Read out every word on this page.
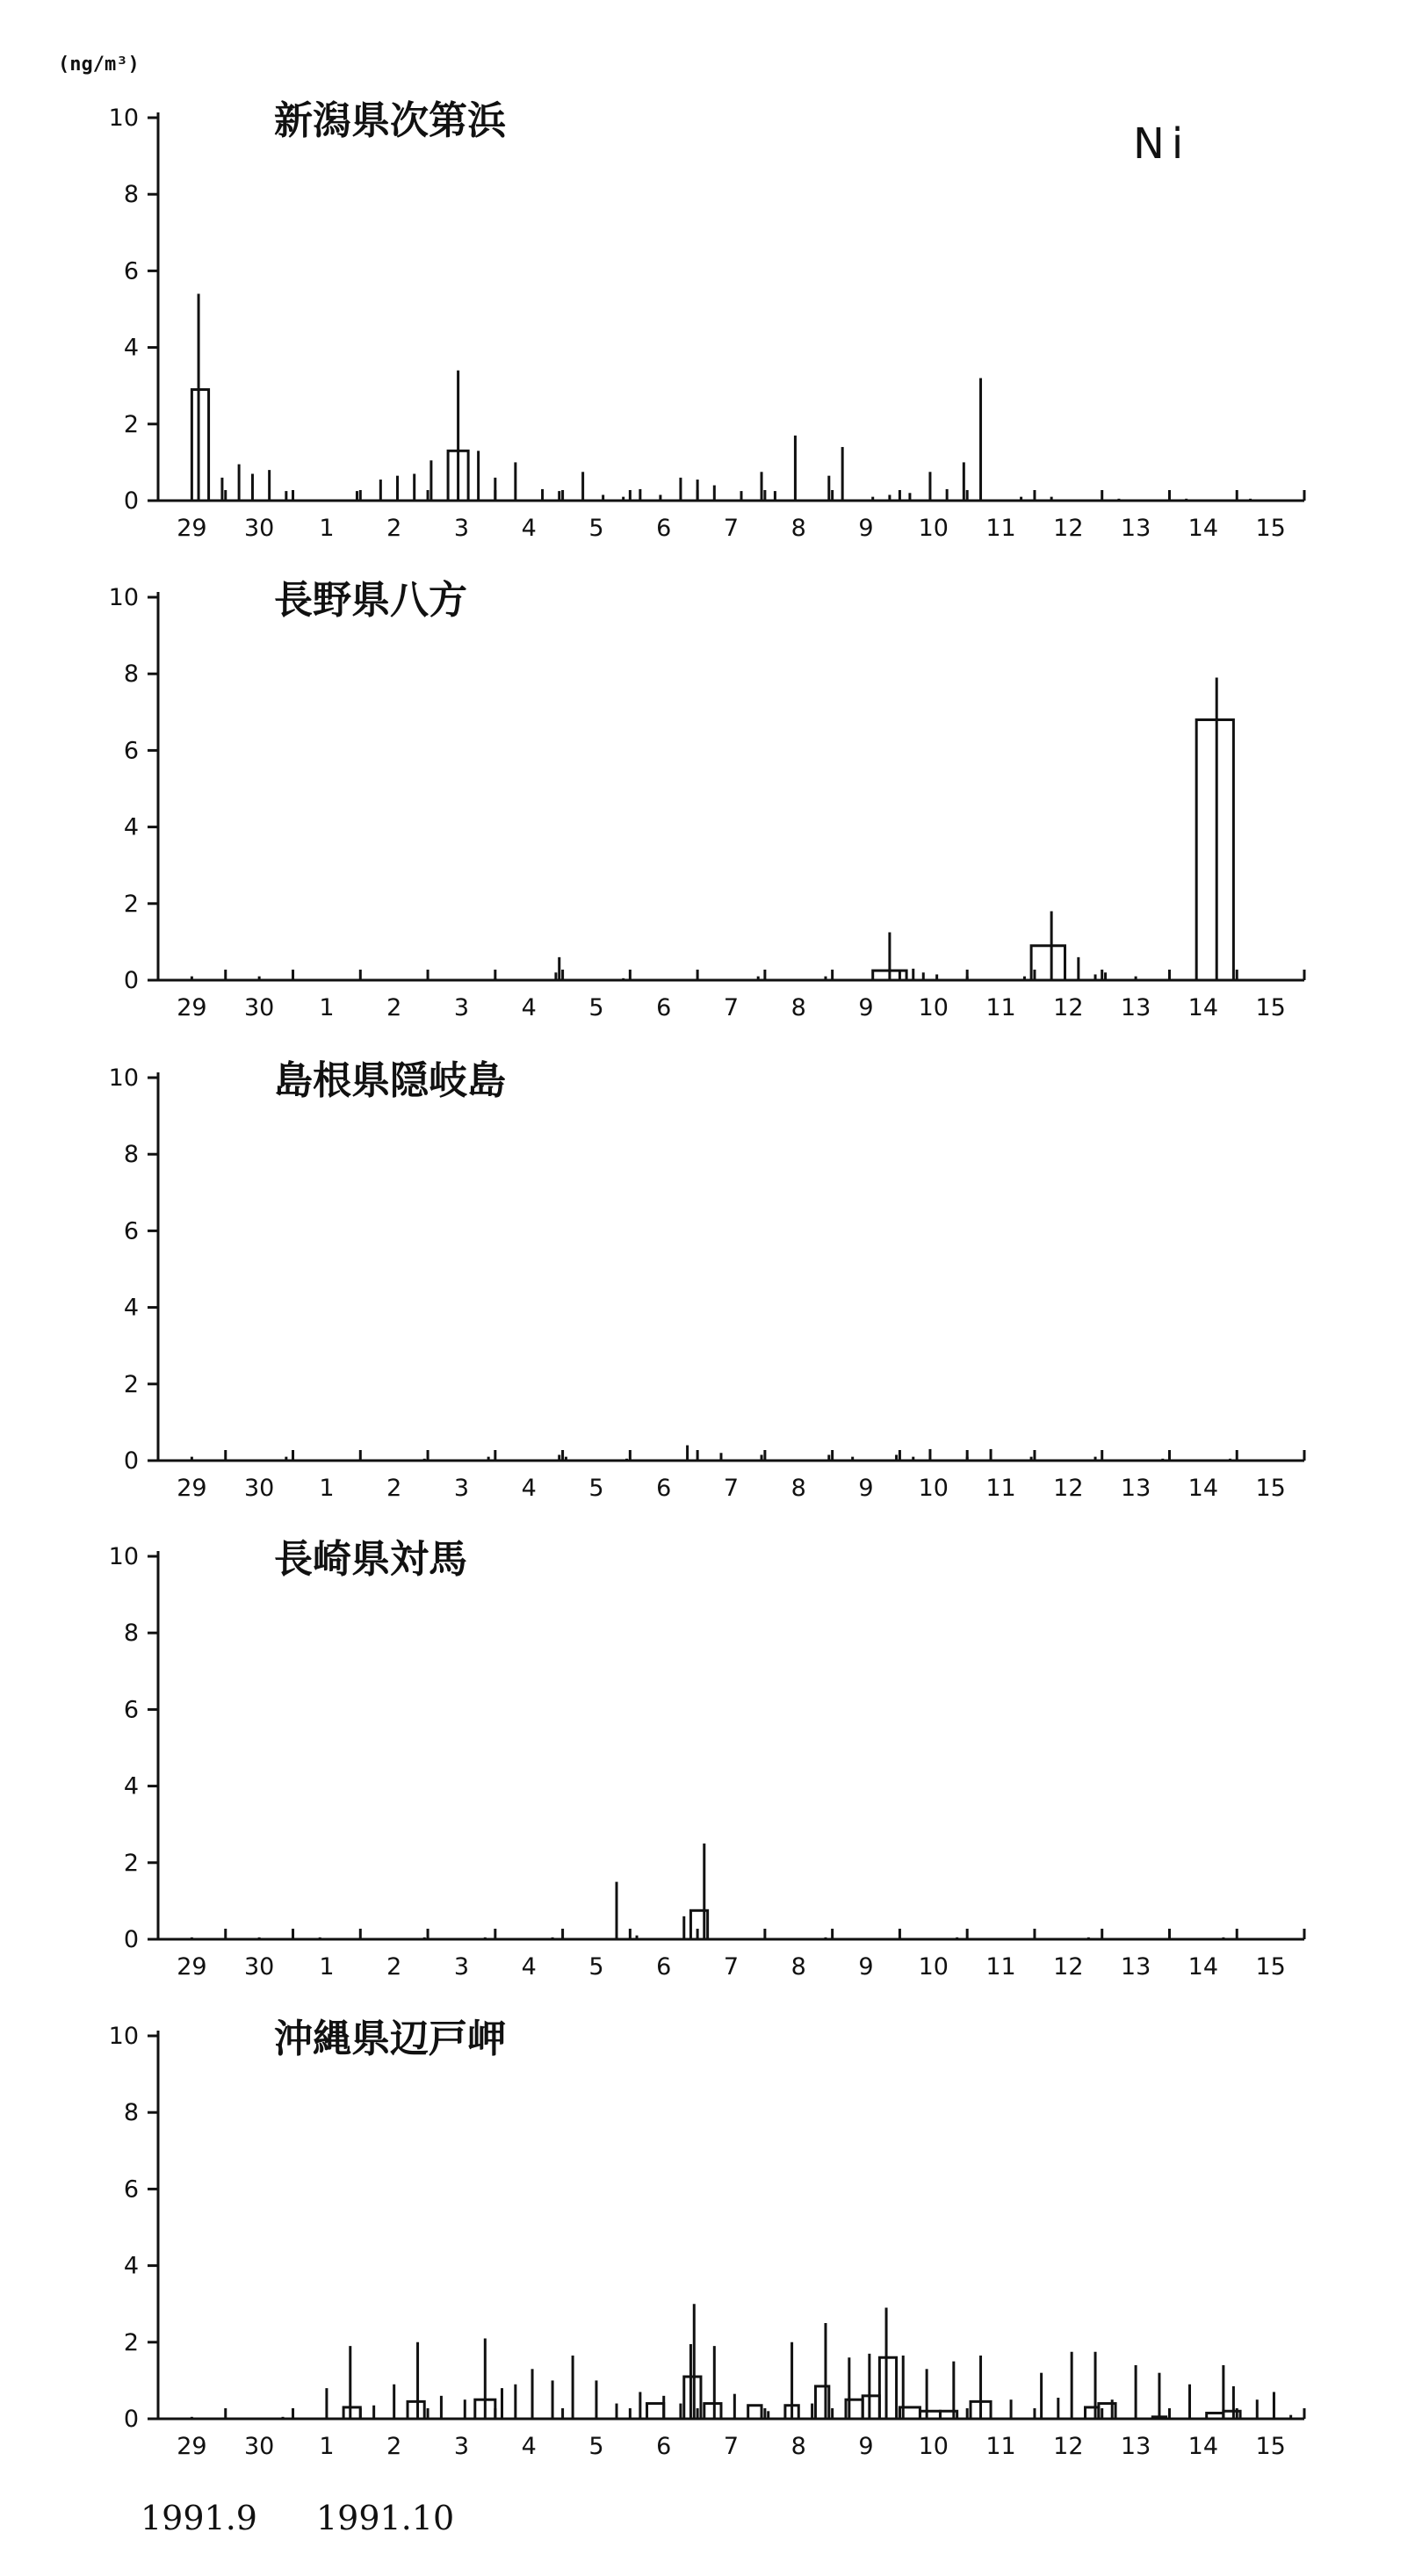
(ng/m³)
Ni
1991.9 1991.10
新潟県次第浜
0
2
4
6
8
10
29 30 1 2 3 4 5 6 7 8 9 10 11 12 13 14 15
長野県八方
0
2
4
6
8
10
29 30 1 2 3 4 5 6 7 8 9 10 11 12 13 14 15
島根県隠岐島
0
2
4
6
8
10
29 30 1 2 3 4 5 6 7 8 9 10 11 12 13 14 15
長崎県対馬
0
2
4
6
8
10
29 30 1 2 3 4 5 6 7 8 9 10 11 12 13 14 15
沖縄県辺戸岬
0
2
4
6
8
10
29 30 1 2 3 4 5 6 7 8 9 10 11 12 13 14 15
